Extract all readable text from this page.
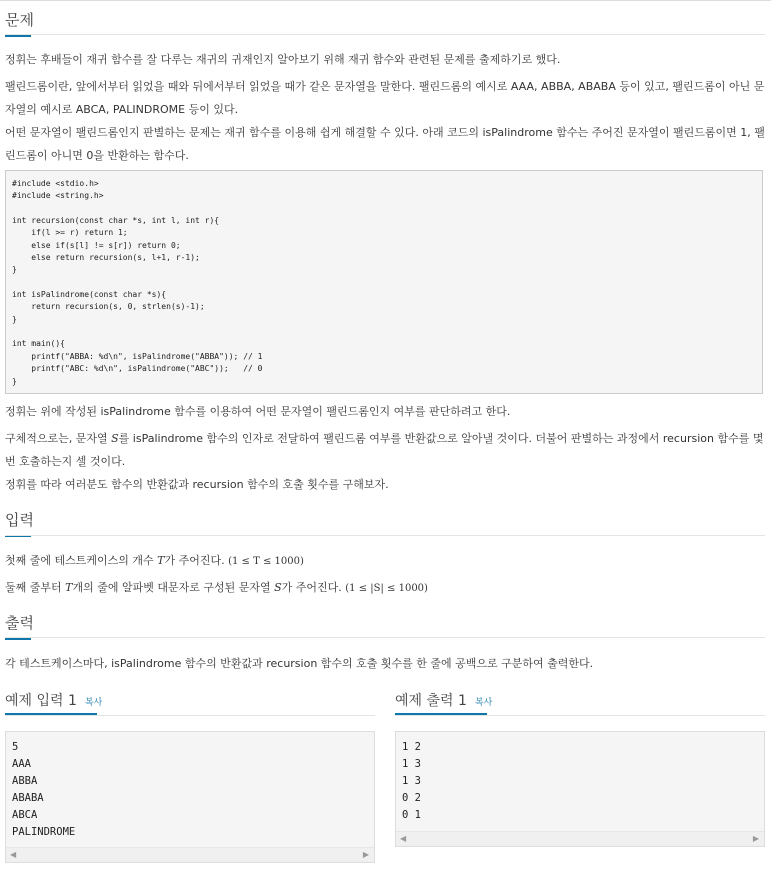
문제
정휘는 후배들이 재귀 함수를 잘 다루는 재귀의 귀재인지 알아보기 위해 재귀 함수와 관련된 문제를 출제하기로 했다.
팰린드롬이란, 앞에서부터 읽었을 때와 뒤에서부터 읽었을 때가 같은 문자열을 말한다. 팰린드롬의 예시로 AAA, ABBA, ABABA 등이 있고, 팰린드롬이 아닌 문자열의 예시로 ABCA, PALINDROME 등이 있다.
어떤 문자열이 팰린드롬인지 판별하는 문제는 재귀 함수를 이용해 쉽게 해결할 수 있다. 아래 코드의 isPalindrome 함수는 주어진 문자열이 팰린드롬이면 1, 팰린드롬이 아니면 0을 반환하는 함수다.
#include <stdio.h>
#include <string.h>

int recursion(const char *s, int l, int r){
if(l >= r) return 1;
else if(s[l] != s[r]) return 0;
else return recursion(s, l+1, r-1);
}

int isPalindrome(const char *s){
return recursion(s, 0, strlen(s)-1);
}

int main(){
printf("ABBA: %d\n", isPalindrome("ABBA")); // 1
printf("ABC: %d\n", isPalindrome("ABC"));   // 0
}
정휘는 위에 작성된 isPalindrome 함수를 이용하여 어떤 문자열이 팰린드롬인지 여부를 판단하려고 한다.
구체적으로는, 문자열 S를 isPalindrome 함수의 인자로 전달하여 팰린드롬 여부를 반환값으로 알아낼 것이다. 더불어 판별하는 과정에서 recursion 함수를 몇 번 호출하는지 셀 것이다.
정휘를 따라 여러분도 함수의 반환값과 recursion 함수의 호출 횟수를 구해보자.
입력
첫째 줄에 테스트케이스의 개수 T가 주어진다. (1 ≤ T ≤ 1000)
둘째 줄부터 T개의 줄에 알파벳 대문자로 구성된 문자열 S가 주어진다. (1 ≤ |S| ≤ 1000)
출력
각 테스트케이스마다, isPalindrome 함수의 반환값과 recursion 함수의 호출 횟수를 한 줄에 공백으로 구분하여 출력한다.
예제 입력 1 복사
5
AAA
ABBA
ABABA
ABCA
PALINDROME
◀	▶
예제 출력 1 복사
1 2
1 3
1 3
0 2
0 1
◀	▶
